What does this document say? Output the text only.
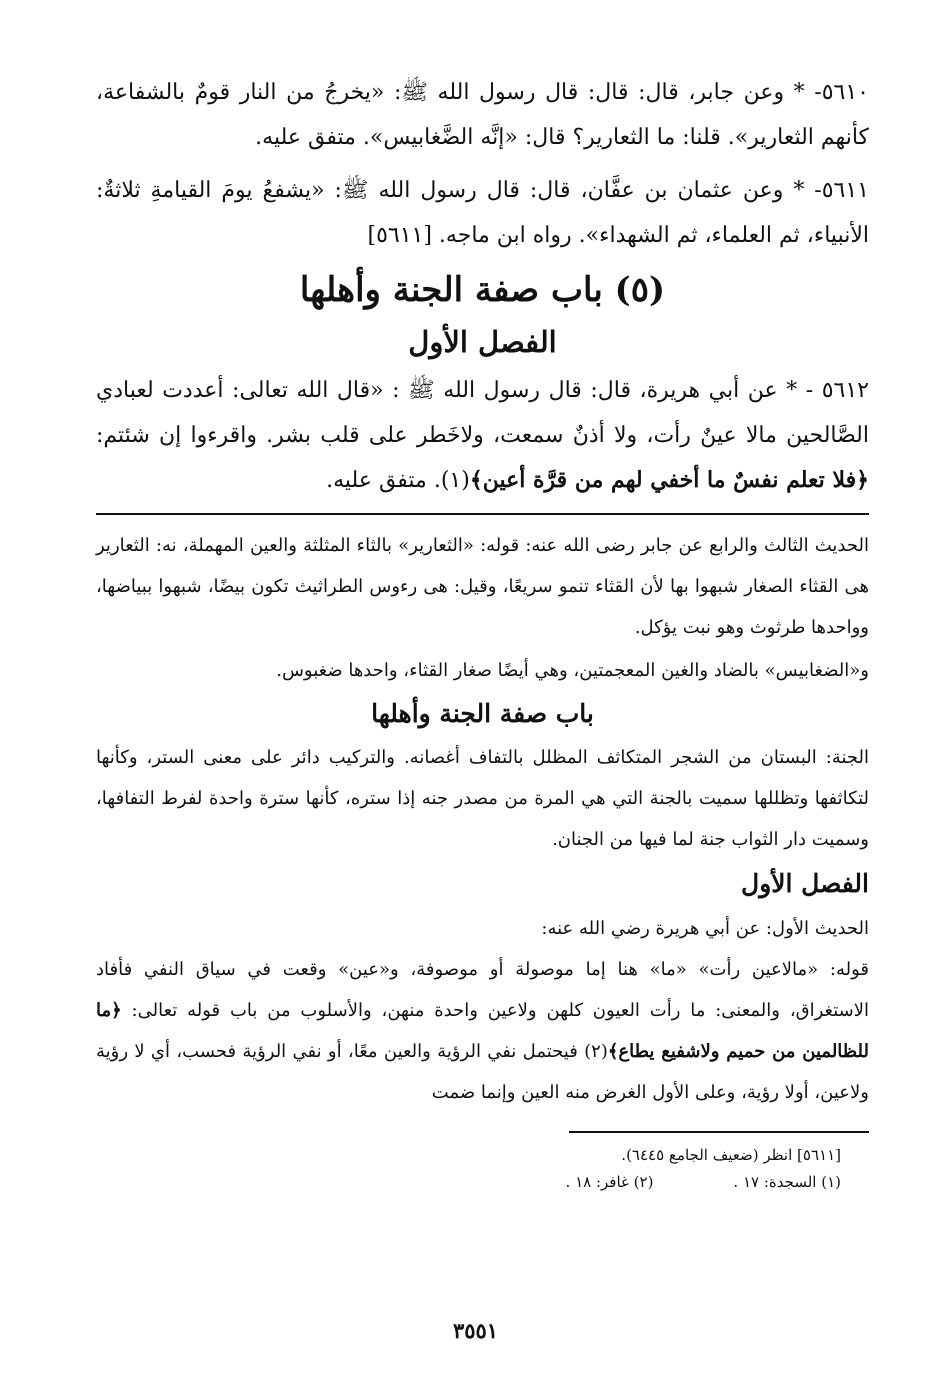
٥٦١٠- * وعن جابر، قال: قال: قال رسول الله ﷺ: «يخرجُ من النار قومٌ بالشفاعة، كأنهم الثعارير». قلنا: ما الثعارير؟ قال: «إنَّه الضَّغابيس». متفق عليه.

٥٦١١- * وعن عثمان بن عفَّان، قال: قال رسول الله ﷺ: «يشفعُ يومَ القيامةِ ثلاثةٌ: الأنبياء، ثم العلماء، ثم الشهداء». رواه ابن ماجه. [٥٦١١]

(٥) باب صفة الجنة وأهلها
الفصل الأول

٥٦١٢ - * عن أبي هريرة، قال: قال رسول الله ﷺ : «قال الله تعالى: أعددت لعبادي الصَّالحين مالا عينٌ رأت، ولا أذنٌ سمعت، ولاخَطر على قلب بشر. واقرءوا إن شئتم: ﴿فلا تعلم نفسٌ ما أخفي لهم من قرَّة أعين﴾(١). متفق عليه.

الحديث الثالث والرابع عن جابر رضى الله عنه: قوله: «الثعارير» بالثاء المثلثة والعين المهملة، نه: الثعارير هى القثاء الصغار شبهوا بها لأن القثاء تنمو سريعًا، وقيل: هى رءوس الطراثيث تكون بيضًا، شبهوا ببياضها، وواحدها طرثوث وهو نبت يؤكل.

و«الضغابيس» بالضاد والغين المعجمتين، وهي أيضًا صغار القثاء، واحدها ضغبوس.

باب صفة الجنة وأهلها

الجنة: البستان من الشجر المتكاثف المظلل بالتفاف أغصانه. والتركيب دائر على معنى الستر، وكأنها لتكاثفها وتظللها سميت بالجنة التي هي المرة من مصدر جنه إذا ستره، كأنها سترة واحدة لفرط التفافها، وسميت دار الثواب جنة لما فيها من الجنان.

الفصل الأول

الحديث الأول: عن أبي هريرة رضي الله عنه:

قوله: «مالاعين رأت» «ما» هنا إما موصولة أو موصوفة، و«عين» وقعت في سياق النفي فأفاد الاستغراق، والمعنى: ما رأت العيون كلهن ولاعين واحدة منهن، والأسلوب من باب قوله تعالى: ﴿ما للظالمين من حميم ولاشفيع يطاع﴾(٢) فيحتمل نفي الرؤية والعين معًا، أو نفي الرؤية فحسب، أي لا رؤية ولاعين، أولا رؤية، وعلى الأول الغرض منه العين وإنما ضمت

[٥٦١١] انظر (ضعيف الجامع ٦٤٤٥).

(١) السجدة: ١٧ .
(٢) غافر: ١٨ .
٣٥٥١
